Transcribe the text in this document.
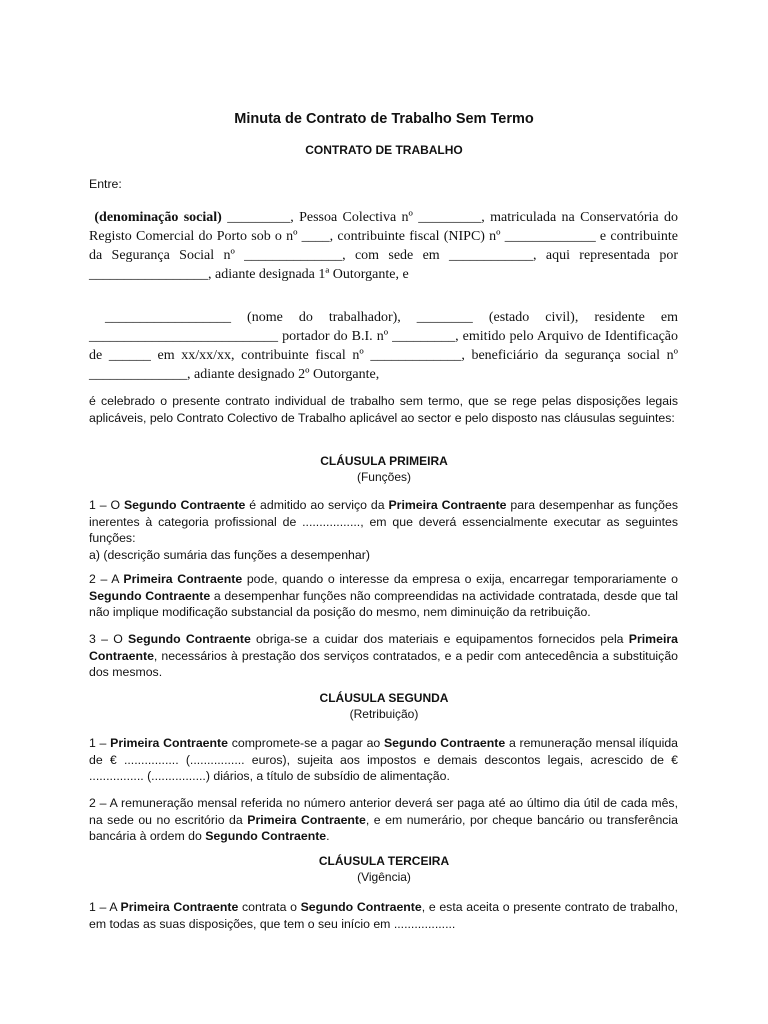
Minuta de Contrato de Trabalho Sem Termo
CONTRATO DE TRABALHO
Entre:
(denominação social) _________, Pessoa Colectiva nº _________, matriculada na Conservatória do Registo Comercial do Porto sob o nº ____, contribuinte fiscal (NIPC) nº _____________ e contribuinte da Segurança Social nº ______________, com sede em ____________, aqui representada por _________________, adiante designada 1ª Outorgante, e
__________________ (nome do trabalhador), ________ (estado civil), residente em ___________________________ portador do B.I. nº _________, emitido pelo Arquivo de Identificação de ______ em xx/xx/xx, contribuinte fiscal nº _____________, beneficiário da segurança social nº ______________, adiante designado 2º Outorgante,
é celebrado o presente contrato individual de trabalho sem termo, que se rege pelas disposições legais aplicáveis, pelo Contrato Colectivo de Trabalho aplicável ao sector e pelo disposto nas cláusulas seguintes:
CLÁUSULA PRIMEIRA
(Funções)
1 – O Segundo Contraente é admitido ao serviço da Primeira Contraente para desempenhar as funções inerentes à categoria profissional de ................., em que deverá essencialmente executar as seguintes funções:
a) (descrição sumária das funções a desempenhar)
2 – A Primeira Contraente pode, quando o interesse da empresa o exija, encarregar temporariamente o Segundo Contraente a desempenhar funções não compreendidas na actividade contratada, desde que tal não implique modificação substancial da posição do mesmo, nem diminuição da retribuição.
3 – O Segundo Contraente obriga-se a cuidar dos materiais e equipamentos fornecidos pela Primeira Contraente, necessários à prestação dos serviços contratados, e a pedir com antecedência a substituição dos mesmos.
CLÁUSULA SEGUNDA
(Retribuição)
1 – Primeira Contraente compromete-se a pagar ao Segundo Contraente a remuneração mensal ilíquida de € ................ (................ euros), sujeita aos impostos e demais descontos legais, acrescido de € ................ (................) diários, a título de subsídio de alimentação.
2 – A remuneração mensal referida no número anterior deverá ser paga até ao último dia útil de cada mês, na sede ou no escritório da Primeira Contraente, e em numerário, por cheque bancário ou transferência bancária à ordem do Segundo Contraente.
CLÁUSULA TERCEIRA
(Vigência)
1 – A Primeira Contraente contrata o Segundo Contraente, e esta aceita o presente contrato de trabalho, em todas as suas disposições, que tem o seu início em ..................
